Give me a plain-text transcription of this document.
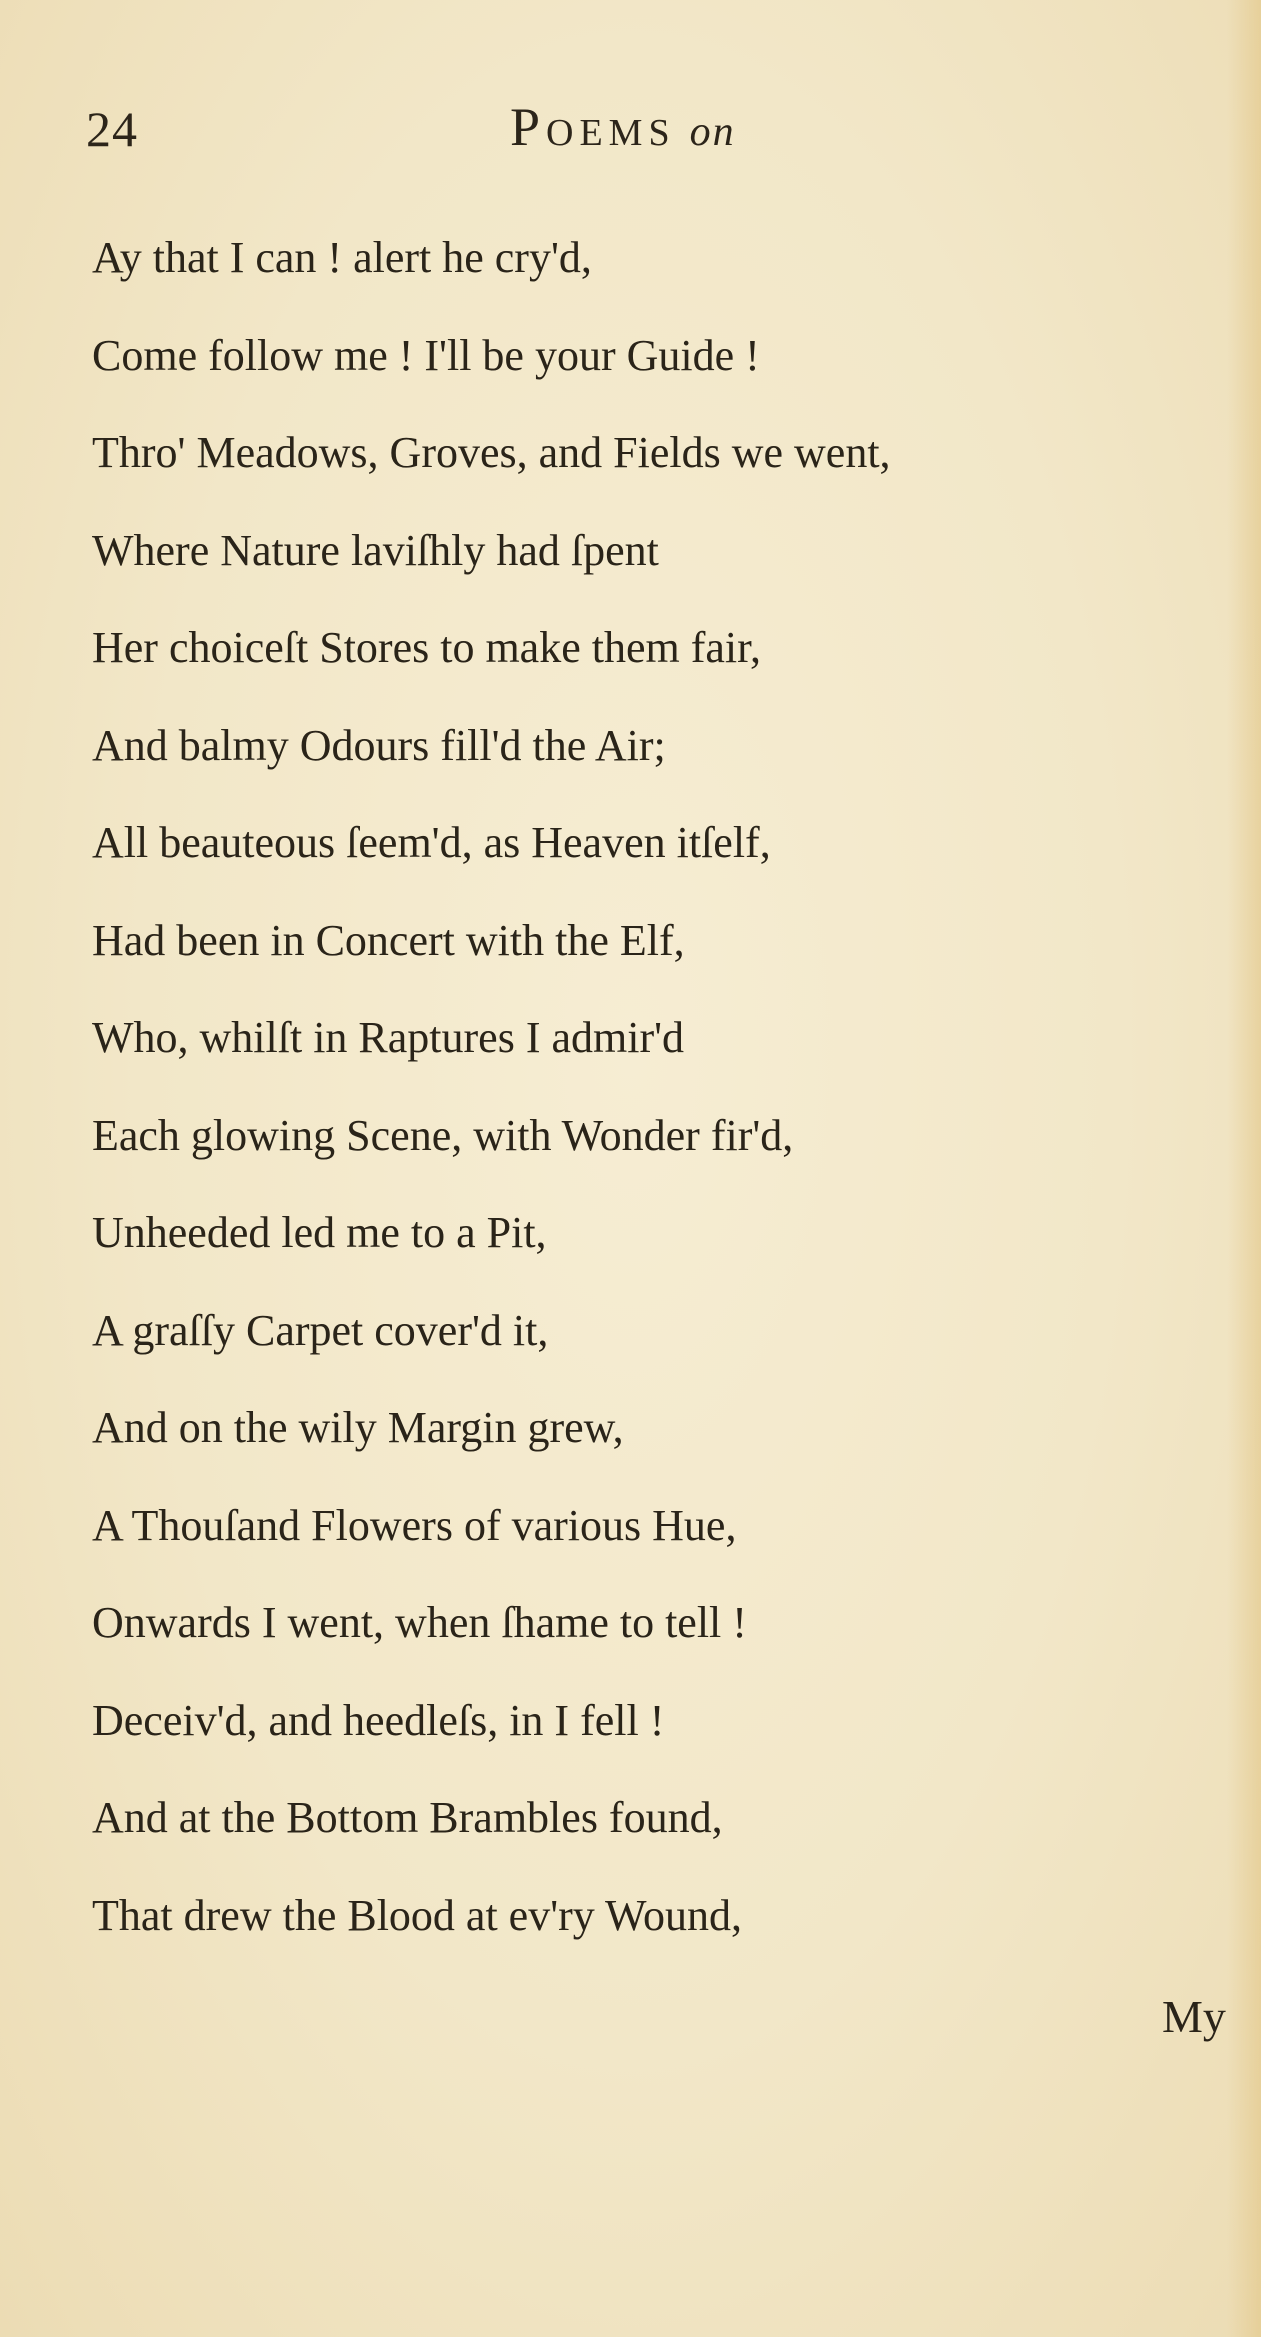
24	Poems on
Ay that I can ! alert he cry'd,
Come follow me ! I'll be your Guide !
Thro' Meadows, Groves, and Fields we went,
Where Nature laviſhly had ſpent
Her choiceſt Stores to make them fair,
And balmy Odours fill'd the Air;
All beauteous ſeem'd, as Heaven itſelf,
Had been in Concert with the Elf,
Who, whilſt in Raptures I admir'd
Each glowing Scene, with Wonder fir'd,
Unheeded led me to a Pit,
A graſſy Carpet cover'd it,
And on the wily Margin grew,
A Thouſand Flowers of various Hue,
Onwards I went, when ſhame to tell !
Deceiv'd, and heedleſs, in I fell !
And at the Bottom Brambles found,
That drew the Blood at ev'ry Wound,
My
